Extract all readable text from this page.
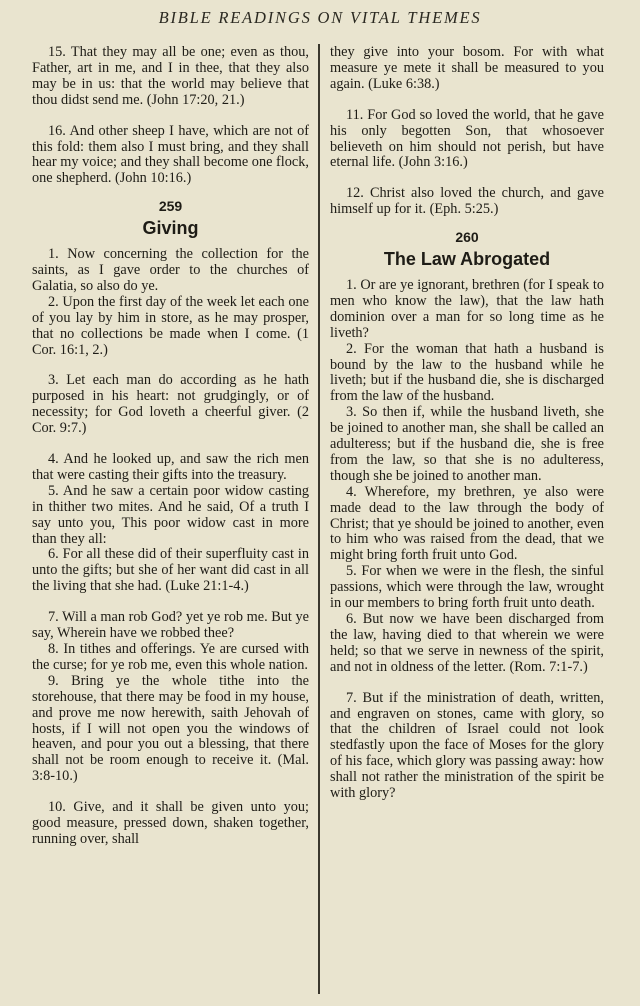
BIBLE READINGS ON VITAL THEMES

15. That they may all be one; even as thou, Father, art in me, and I in thee, that they also may be in us: that the world may believe that thou didst send me. (John 17:20, 21.)

16. And other sheep I have, which are not of this fold: them also I must bring, and they shall hear my voice; and they shall become one flock, one shepherd. (John 10:16.)

259
Giving

1. Now concerning the collection for the saints, as I gave order to the churches of Galatia, so also do ye.

2. Upon the first day of the week let each one of you lay by him in store, as he may prosper, that no collections be made when I come. (1 Cor. 16:1, 2.)

3. Let each man do according as he hath purposed in his heart: not grudgingly, or of necessity; for God loveth a cheerful giver. (2 Cor. 9:7.)

4. And he looked up, and saw the rich men that were casting their gifts into the treasury.

5. And he saw a certain poor widow casting in thither two mites. And he said, Of a truth I say unto you, This poor widow cast in more than they all:

6. For all these did of their superfluity cast in unto the gifts; but she of her want did cast in all the living that she had. (Luke 21:1-4.)

7. Will a man rob God? yet ye rob me. But ye say, Wherein have we robbed thee?

8. In tithes and offerings. Ye are cursed with the curse; for ye rob me, even this whole nation.

9. Bring ye the whole tithe into the storehouse, that there may be food in my house, and prove me now herewith, saith Jehovah of hosts, if I will not open you the windows of heaven, and pour you out a blessing, that there shall not be room enough to receive it. (Mal. 3:8-10.)

10. Give, and it shall be given unto you; good measure, pressed down, shaken together, running over, shall

they give into your bosom. For with what measure ye mete it shall be measured to you again. (Luke 6:38.)

11. For God so loved the world, that he gave his only begotten Son, that whosoever believeth on him should not perish, but have eternal life. (John 3:16.)

12. Christ also loved the church, and gave himself up for it. (Eph. 5:25.)

260
The Law Abrogated

1. Or are ye ignorant, brethren (for I speak to men who know the law), that the law hath dominion over a man for so long time as he liveth?

2. For the woman that hath a husband is bound by the law to the husband while he liveth; but if the husband die, she is discharged from the law of the husband.

3. So then if, while the husband liveth, she be joined to another man, she shall be called an adulteress; but if the husband die, she is free from the law, so that she is no adulteress, though she be joined to another man.

4. Wherefore, my brethren, ye also were made dead to the law through the body of Christ; that ye should be joined to another, even to him who was raised from the dead, that we might bring forth fruit unto God.

5. For when we were in the flesh, the sinful passions, which were through the law, wrought in our members to bring forth fruit unto death.

6. But now we have been discharged from the law, having died to that wherein we were held; so that we serve in newness of the spirit, and not in oldness of the letter. (Rom. 7:1-7.)

7. But if the ministration of death, written, and engraven on stones, came with glory, so that the children of Israel could not look stedfastly upon the face of Moses for the glory of his face, which glory was passing away: how shall not rather the ministration of the spirit be with glory?
